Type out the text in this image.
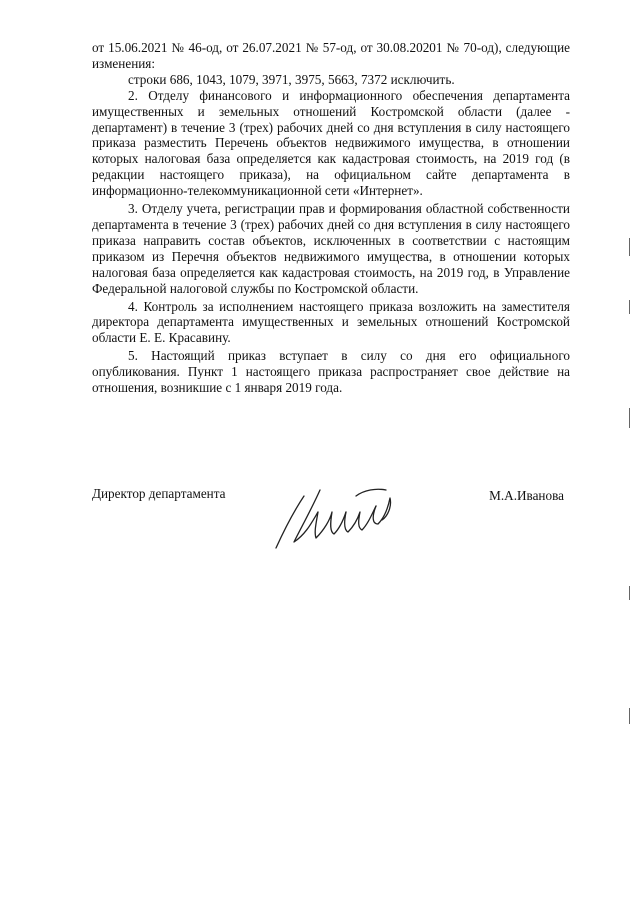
от 15.06.2021 № 46-од, от 26.07.2021 № 57-од, от 30.08.20201 № 70-од), следующие изменения:

строки 686, 1043, 1079, 3971, 3975, 5663, 7372 исключить.

2. Отделу финансового и информационного обеспечения департамента имущественных и земельных отношений Костромской области (далее - департамент) в течение 3 (трех) рабочих дней со дня вступления в силу настоящего приказа разместить Перечень объектов недвижимого имущества, в отношении которых налоговая база определяется как кадастровая стоимость, на 2019 год (в редакции настоящего приказа), на официальном сайте департамента в информационно-телекоммуникационной сети «Интернет».

3. Отделу учета, регистрации прав и формирования областной собственности департамента в течение 3 (трех) рабочих дней со дня вступления в силу настоящего приказа направить состав объектов, исключенных в соответствии с настоящим приказом из Перечня объектов недвижимого имущества, в отношении которых налоговая база определяется как кадастровая стоимость, на 2019 год, в Управление Федеральной налоговой службы по Костромской области.

4. Контроль за исполнением настоящего приказа возложить на заместителя директора департамента имущественных и земельных отношений Костромской области Е. Е. Красавину.

5. Настоящий приказ вступает в силу со дня его официального опубликования. Пункт 1 настоящего приказа распространяет свое действие на отношения, возникшие с 1 января 2019 года.

Директор департамента	М.А.Иванова
